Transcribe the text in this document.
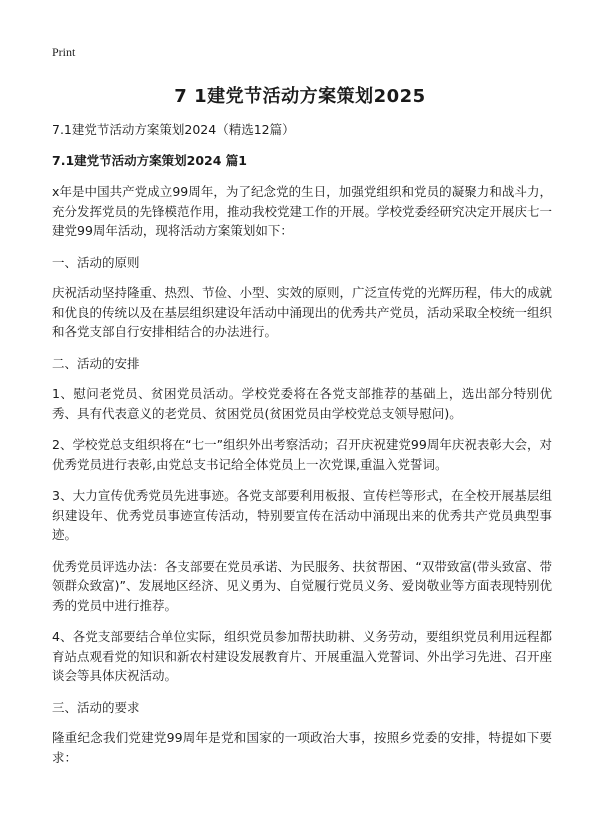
Print
7 1建党节活动方案策划2025

7.1建党节活动方案策划2024（精选12篇）

7.1建党节活动方案策划2024 篇1

x年是中国共产党成立99周年，为了纪念党的生日，加强党组织和党员的凝聚力和战斗力，充分发挥党员的先锋模范作用，推动我校党建工作的开展。学校党委经研究决定开展庆七一建党99周年活动，现将活动方案策划如下：

一、活动的原则

庆祝活动坚持隆重、热烈、节俭、小型、实效的原则，广泛宣传党的光辉历程，伟大的成就和优良的传统以及在基层组织建设年活动中涌现出的优秀共产党员，活动采取全校统一组织和各党支部自行安排相结合的办法进行。

二、活动的安排

1、慰问老党员、贫困党员活动。学校党委将在各党支部推荐的基础上，选出部分特别优秀、具有代表意义的老党员、贫困党员(贫困党员由学校党总支领导慰问)。

2、学校党总支组织将在“七一”组织外出考察活动；召开庆祝建党99周年庆祝表彰大会，对优秀党员进行表彰,由党总支书记给全体党员上一次党课,重温入党誓词。

3、大力宣传优秀党员先进事迹。各党支部要利用板报、宣传栏等形式，在全校开展基层组织建设年、优秀党员事迹宣传活动，特别要宣传在活动中涌现出来的优秀共产党员典型事迹。

优秀党员评选办法：各支部要在党员承诺、为民服务、扶贫帮困、“双带致富(带头致富、带领群众致富)”、发展地区经济、见义勇为、自觉履行党员义务、爱岗敬业等方面表现特别优秀的党员中进行推荐。

4、各党支部要结合单位实际，组织党员参加帮扶助耕、义务劳动，要组织党员利用远程都育站点观看党的知识和新农村建设发展教育片、开展重温入党誓词、外出学习先进、召开座谈会等具体庆祝活动。

三、活动的要求

隆重纪念我们党建党99周年是党和国家的一项政治大事，按照乡党委的安排，特提如下要求：
